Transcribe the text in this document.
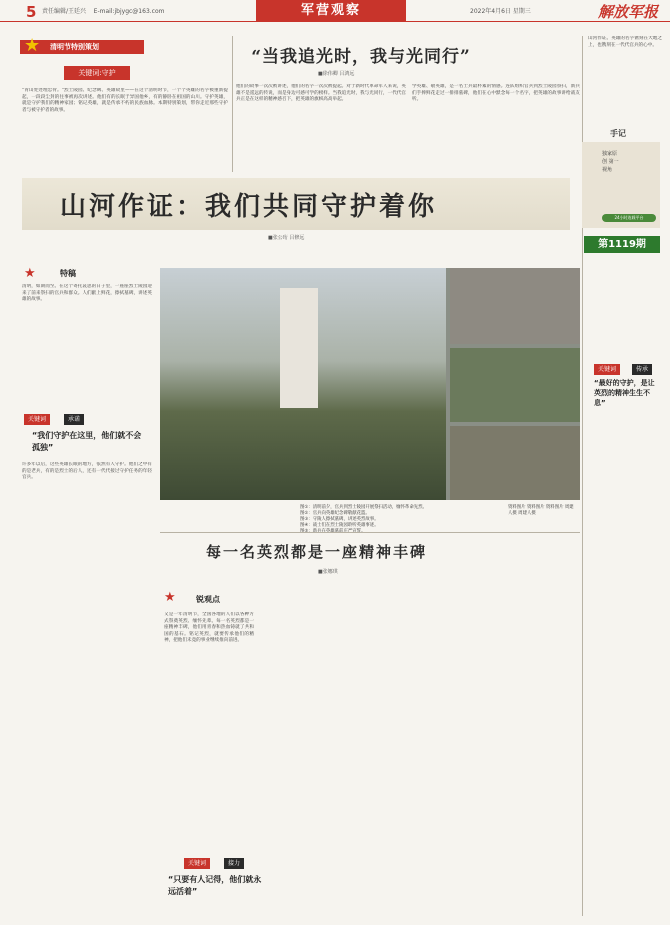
5 责任编辑/王廷兴 E-mail:jbjygc@163.com	军营观察	2022年4月6日 星期三	解放军报
清明节特别策划
★
关键词:守护
"青山处处埋忠骨。"烈士陵园、纪念碑、英雄故里——在这个清明时节，一个个英雄的名字被重新提起，一段段尘封的往事被再次讲述。他们有的长眠于异国他乡，有的静卧在祖国的山川。守护英雄，就是守护我们的精神家园；铭记英雄，就是传承不朽的民族血脉。本期特别策划，带你走近那些守护者与被守护者的故事。
“当我追光时，我与光同行”
■徐伟卿 吕鸿远
他们的故事一次次被讲述，他们的名字一次次被提起。对于新时代革命军人来说，英雄不是遥远的传说，而是身边可感可学的榜样。当我追光时，我与光同行，一代代官兵正是在这样的精神感召下，把英雄的旗帜高高举起。
学英雄、敬英雄，是一名士兵最朴素的情感。连队组织官兵到烈士陵园祭扫，新兵们手捧鲜花走过一排排墓碑，他们在心中默念每一个名字，把英雄的故事讲给战友听。
山河作证。英雄的名字镌刻在大地之上，也镌刻在一代代官兵的心中。
手记
独家原创 第一视角
24小时连载平台
第1119期
山河作证：我们共同守护着你
■张公珩 吕修远
★	特稿
清明，如期而至。在这个寄托哀思的日子里，一座座烈士陵园迎来了前来祭扫的官兵和群众。人们献上鲜花，擦拭墓碑，讲述英雄的故事。
关键词	承诺
“我们守护在这里，他们就不会孤独”
许多年以后，这些英雄长眠的地方，依然有人守护。他们之中有的是老兵，有的是烈士的后人，还有一代代接过守护任务的年轻官兵。
图①：清明前夕，官兵到烈士陵园开展祭扫活动，缅怀革命先烈。
图②：官兵向英雄纪念碑敬献花篮。
图③：守陵人擦拭墓碑，讲述英烈故事。
图④：战士们在烈士陵园聆听英雄事迹。
资料图片 资料图片 资料图片 周建人摄 周建人摄
关键词	传承
“最好的守护，是让英烈的精神生生不息”
每一名英烈都是一座精神丰碑
■张娜琪
★	锐观点
又是一年清明节，全国各地的人们以各种方式祭奠英烈、缅怀先辈。每一名英烈都是一座精神丰碑，他们用青春和热血铸就了共和国的基石。铭记英烈，就要传承他们的精神，把他们未竟的事业继续推向前进。
关键词	接力
“只要有人记得，他们就永远活着”
